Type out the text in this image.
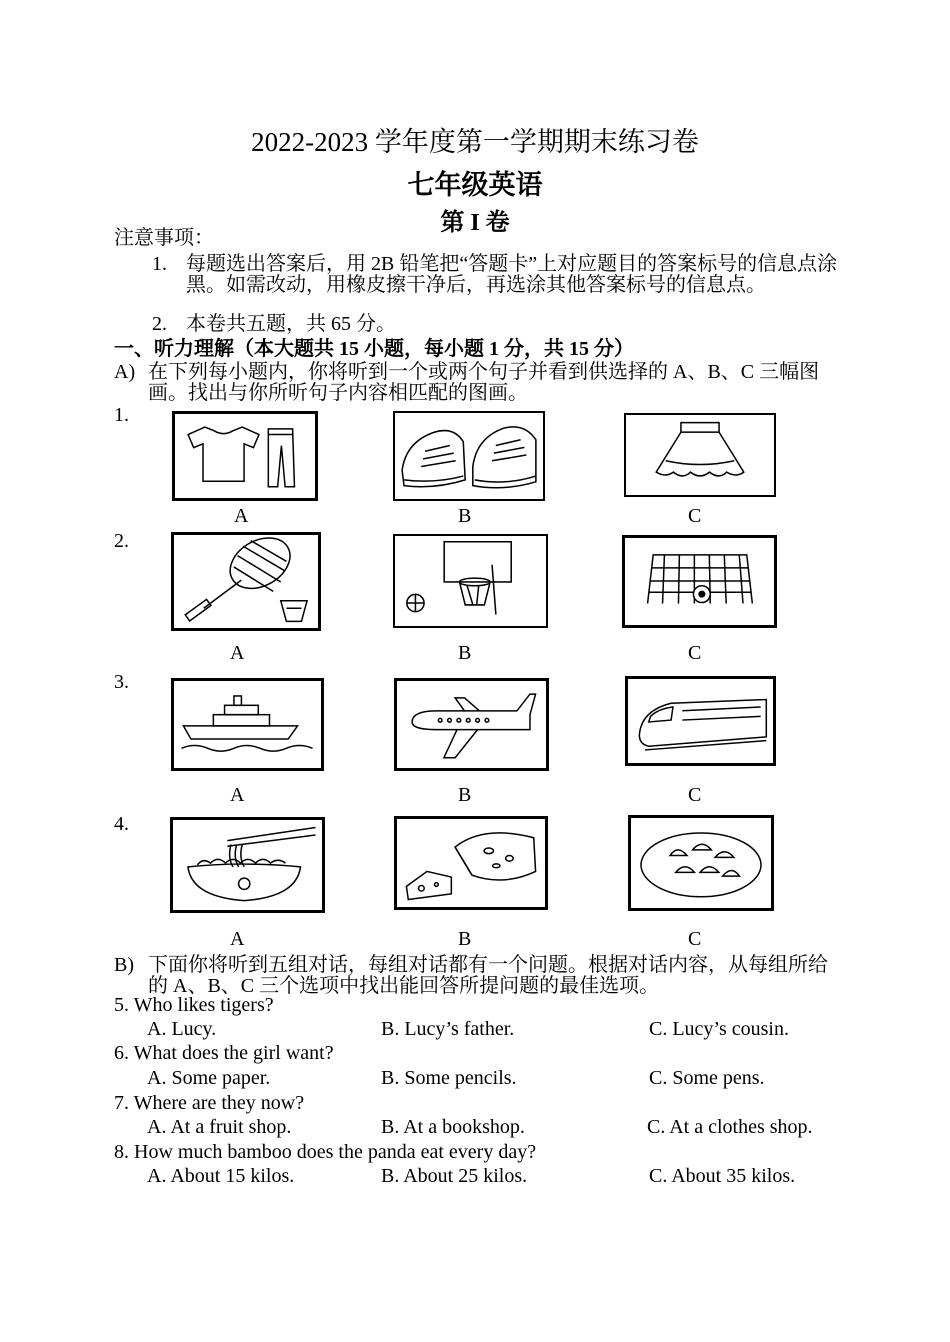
2022-2023 学年度第一学期期末练习卷
七年级英语
第 I 卷
注意事项：
1. 每题选出答案后，用 2B 铅笔把“答题卡”上对应题目的答案标号的信息点涂黑。如需改动，用橡皮擦干净后，再选涂其他答案标号的信息点。
2. 本卷共五题，共 65 分。
一、听力理解（本大题共 15 小题，每小题 1 分，共 15 分）
A) 在下列每小题内，你将听到一个或两个句子并看到供选择的 A、B、C 三幅图画。找出与你所听句子内容相匹配的图画。
1.
A	B	C
2.
A	B	C
3.
A	B	C
4.
A	B	C
B) 下面你将听到五组对话，每组对话都有一个问题。根据对话内容，从每组所给的 A、B、C 三个选项中找出能回答所提问题的最佳选项。
5. Who likes tigers?
A. Lucy.	B. Lucy’s father.	C. Lucy’s cousin.
6. What does the girl want?
A. Some paper.	B. Some pencils.	C. Some pens.
7. Where are they now?
A. At a fruit shop.	B. At a bookshop.	C. At a clothes shop.
8. How much bamboo does the panda eat every day?
A. About 15 kilos.	B. About 25 kilos.	C. About 35 kilos.
